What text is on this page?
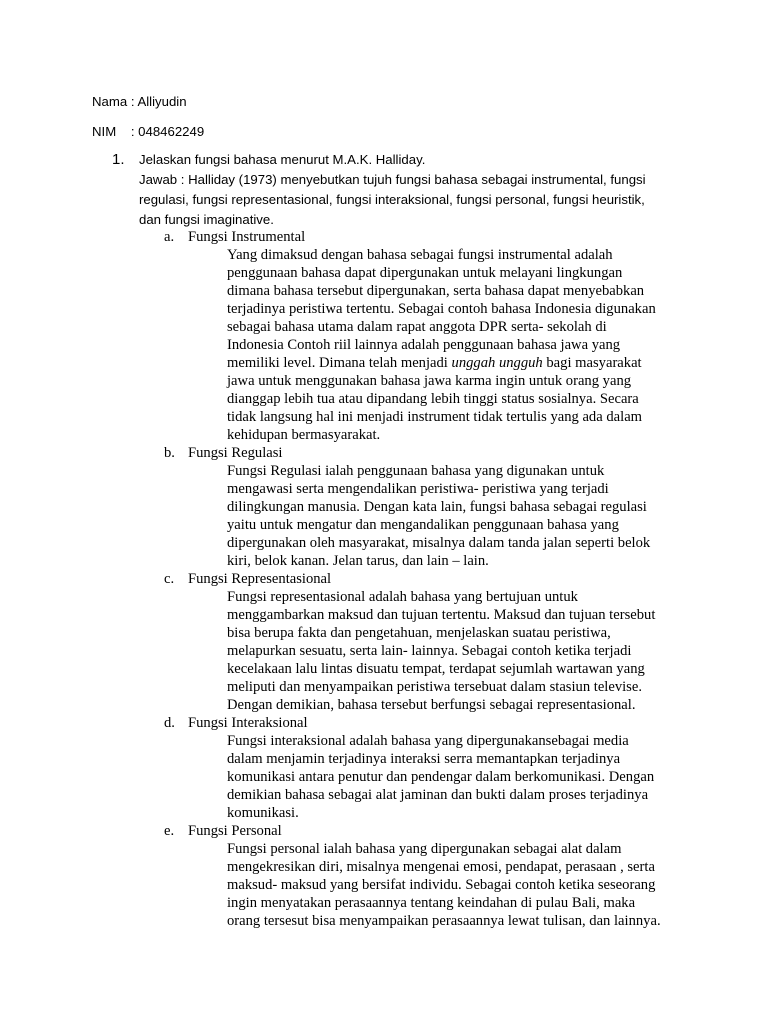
Nama : Alliyudin
NIM    : 048462249
1.	Jelaskan fungsi bahasa menurut M.A.K. Halliday.
Jawab : Halliday (1973) menyebutkan tujuh fungsi bahasa sebagai instrumental, fungsi
regulasi, fungsi representasional, fungsi interaksional, fungsi personal, fungsi heuristik,
dan fungsi imaginative.
a. Fungsi Instrumental
Yang dimaksud dengan bahasa sebagai fungsi instrumental adalah
penggunaan bahasa dapat dipergunakan untuk melayani lingkungan
dimana bahasa tersebut dipergunakan, serta bahasa dapat menyebabkan
terjadinya peristiwa tertentu. Sebagai contoh bahasa Indonesia digunakan
sebagai bahasa utama dalam rapat anggota DPR serta- sekolah di
Indonesia Contoh riil lainnya adalah penggunaan bahasa jawa yang
memiliki level. Dimana telah menjadi unggah ungguh bagi masyarakat
jawa untuk menggunakan bahasa jawa karma ingin untuk orang yang
dianggap lebih tua atau dipandang lebih tinggi status sosialnya. Secara
tidak langsung hal ini menjadi instrument tidak tertulis yang ada dalam
kehidupan bermasyarakat.
b. Fungsi Regulasi
Fungsi Regulasi ialah penggunaan bahasa yang digunakan untuk
mengawasi serta mengendalikan peristiwa- peristiwa yang terjadi
dilingkungan manusia. Dengan kata lain, fungsi bahasa sebagai regulasi
yaitu untuk mengatur dan mengandalikan penggunaan bahasa yang
dipergunakan oleh masyarakat, misalnya dalam tanda jalan seperti belok
kiri, belok kanan. Jelan tarus, dan lain – lain.
c. Fungsi Representasional
Fungsi representasional adalah bahasa yang bertujuan untuk
menggambarkan maksud dan tujuan tertentu. Maksud dan tujuan tersebut
bisa berupa fakta dan pengetahuan, menjelaskan suatau peristiwa,
melapurkan sesuatu, serta lain- lainnya. Sebagai contoh ketika terjadi
kecelakaan lalu lintas disuatu tempat, terdapat sejumlah wartawan yang
meliputi dan menyampaikan peristiwa tersebuat dalam stasiun televise.
Dengan demikian, bahasa tersebut berfungsi sebagai representasional.
d. Fungsi Interaksional
Fungsi interaksional adalah bahasa yang dipergunakansebagai media
dalam menjamin terjadinya interaksi serra memantapkan terjadinya
komunikasi antara penutur dan pendengar dalam berkomunikasi. Dengan
demikian bahasa sebagai alat jaminan dan bukti dalam proses terjadinya
komunikasi.
e. Fungsi Personal
Fungsi personal ialah bahasa yang dipergunakan sebagai alat dalam
mengekresikan diri, misalnya mengenai emosi, pendapat, perasaan , serta
maksud- maksud yang bersifat individu. Sebagai contoh ketika seseorang
ingin menyatakan perasaannya tentang keindahan di pulau Bali, maka
orang tersesut bisa menyampaikan perasaannya lewat tulisan, dan lainnya.
